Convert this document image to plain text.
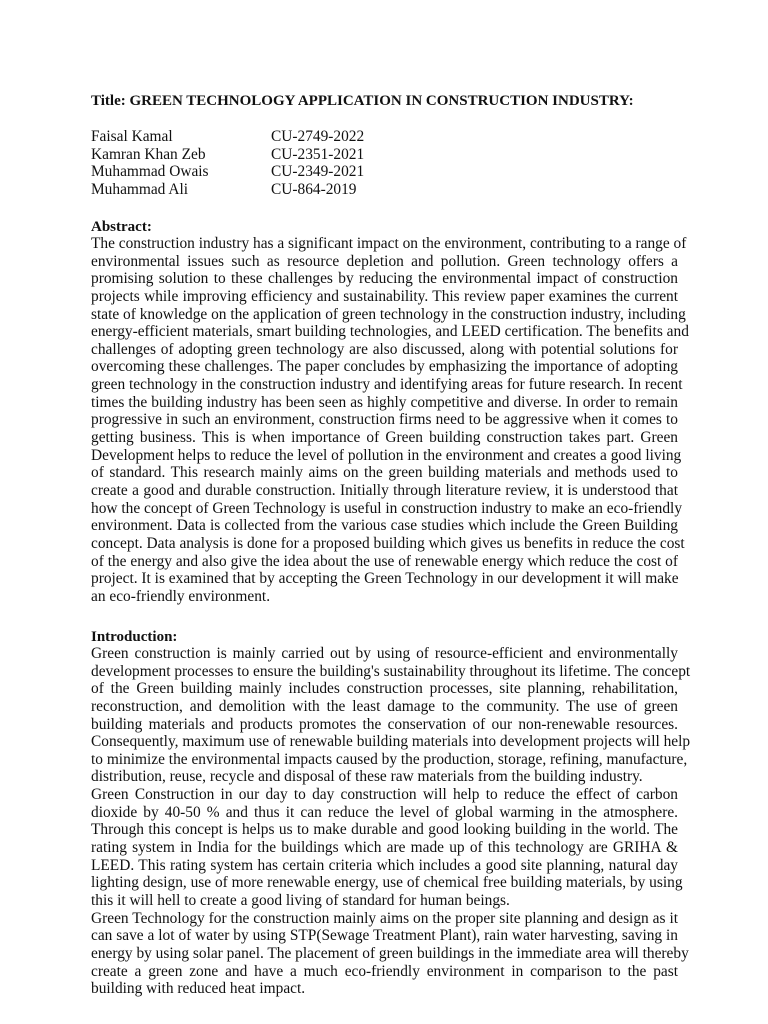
Title: GREEN TECHNOLOGY APPLICATION IN CONSTRUCTION INDUSTRY:
Faisal Kamal	CU-2749-2022
Kamran Khan Zeb	CU-2351-2021
Muhammad Owais	CU-2349-2021
Muhammad Ali	CU-864-2019
Abstract:
The construction industry has a significant impact on the environment, contributing to a range of
environmental issues such as resource depletion and pollution. Green technology offers a
promising solution to these challenges by reducing the environmental impact of construction
projects while improving efficiency and sustainability. This review paper examines the current
state of knowledge on the application of green technology in the construction industry, including
energy-efficient materials, smart building technologies, and LEED certification. The benefits and
challenges of adopting green technology are also discussed, along with potential solutions for
overcoming these challenges. The paper concludes by emphasizing the importance of adopting
green technology in the construction industry and identifying areas for future research. In recent
times the building industry has been seen as highly competitive and diverse. In order to remain
progressive in such an environment, construction firms need to be aggressive when it comes to
getting business. This is when importance of Green building construction takes part. Green
Development helps to reduce the level of pollution in the environment and creates a good living
of standard. This research mainly aims on the green building materials and methods used to
create a good and durable construction. Initially through literature review, it is understood that
how the concept of Green Technology is useful in construction industry to make an eco-friendly
environment. Data is collected from the various case studies which include the Green Building
concept. Data analysis is done for a proposed building which gives us benefits in reduce the cost
of the energy and also give the idea about the use of renewable energy which reduce the cost of
project. It is examined that by accepting the Green Technology in our development it will make
an eco-friendly environment.
Introduction:
Green construction is mainly carried out by using of resource-efficient and environmentally
development processes to ensure the building's sustainability throughout its lifetime. The concept
of the Green building mainly includes construction processes, site planning, rehabilitation,
reconstruction, and demolition with the least damage to the community. The use of green
building materials and products promotes the conservation of our non-renewable resources.
Consequently, maximum use of renewable building materials into development projects will help
to minimize the environmental impacts caused by the production, storage, refining, manufacture,
distribution, reuse, recycle and disposal of these raw materials from the building industry.
Green Construction in our day to day construction will help to reduce the effect of carbon
dioxide by 40-50 % and thus it can reduce the level of global warming in the atmosphere.
Through this concept is helps us to make durable and good looking building in the world. The
rating system in India for the buildings which are made up of this technology are GRIHA &
LEED. This rating system has certain criteria which includes a good site planning, natural day
lighting design, use of more renewable energy, use of chemical free building materials, by using
this it will hell to create a good living of standard for human beings.
Green Technology for the construction mainly aims on the proper site planning and design as it
can save a lot of water by using STP(Sewage Treatment Plant), rain water harvesting, saving in
energy by using solar panel. The placement of green buildings in the immediate area will thereby
create a green zone and have a much eco-friendly environment in comparison to the past
building with reduced heat impact.
